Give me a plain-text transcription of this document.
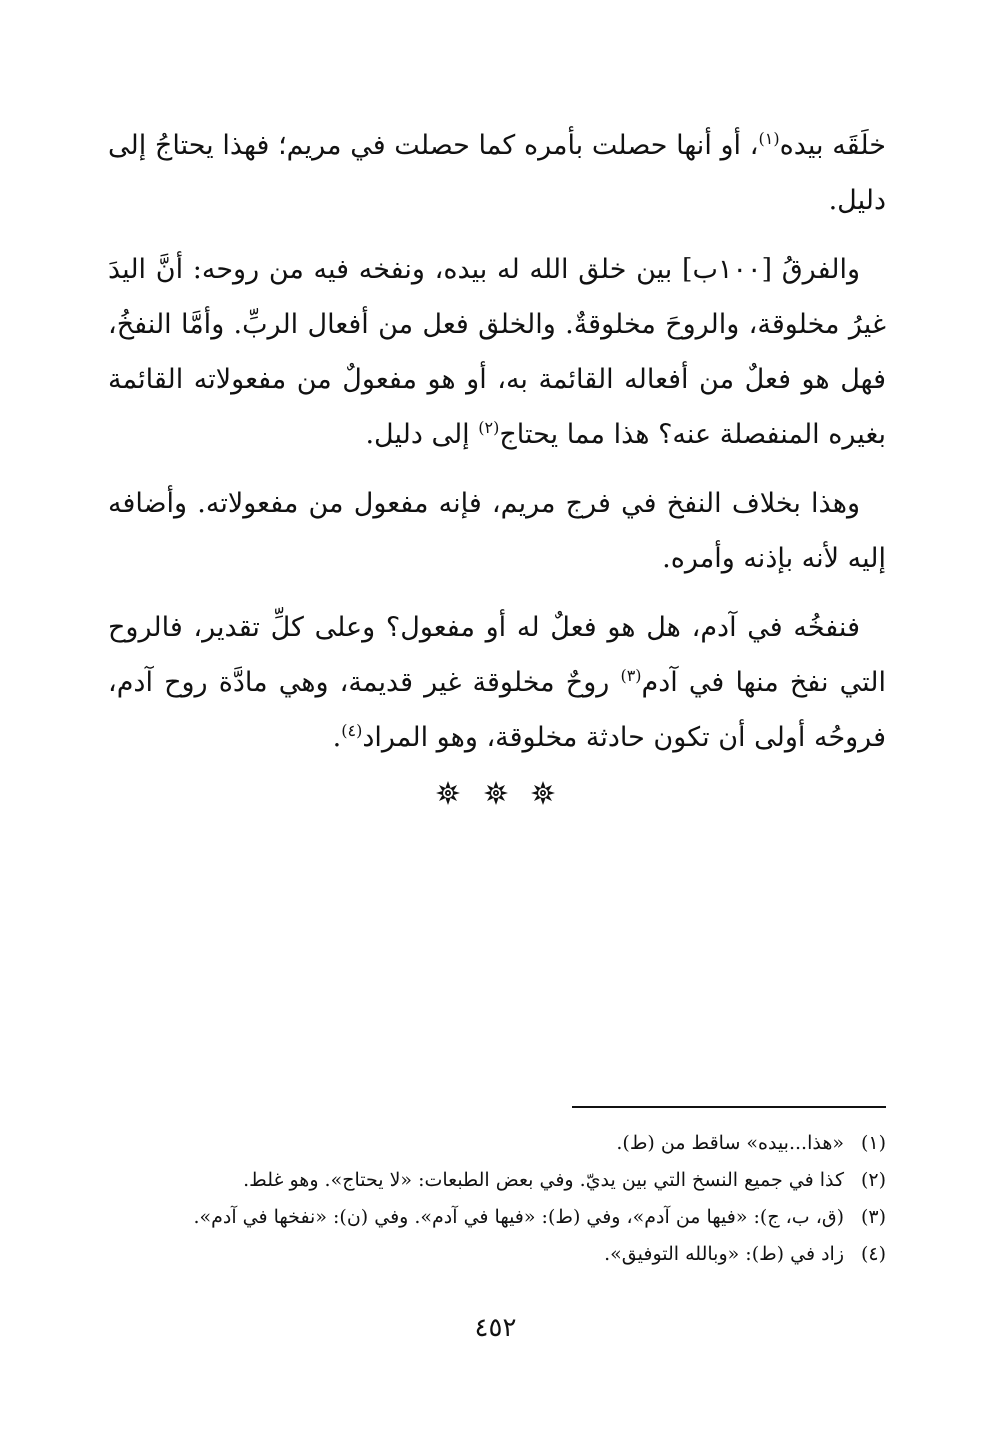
خلَقَه بيده$^{(١)}$، أو أنها حصلت بأمره كما حصلت في مريم؛ فهذا يحتاجُ إلى دليل.

والفرقُ [١٠٠ب] بين خلق الله له بيده، ونفخه فيه من روحه: أنَّ اليدَ غيرُ مخلوقة، والروحَ مخلوقةٌ. والخلق فعل من أفعال الربِّ. وأمَّا النفخُ، فهل هو فعلٌ من أفعاله القائمة به، أو هو مفعولٌ من مفعولاته القائمة بغيره المنفصلة عنه؟ هذا مما يحتاج$^{(٢)}$ إلى دليل.

وهذا بخلاف النفخ في فرج مريم، فإنه مفعول من مفعولاته. وأضافه إليه لأنه بإذنه وأمره.

فنفخُه في آدم، هل هو فعلٌ له أو مفعول؟ وعلى كلِّ تقدير، فالروح التي نفخ منها في آدم$^{(٣)}$ روحٌ مخلوقة غير قديمة، وهي مادَّة روح آدم، فروحُه أولى أن تكون حادثة مخلوقة، وهو المراد$^{(٤)}$.

(١)«هذا...بيده» ساقط من (ط).

(٢)كذا في جميع النسخ التي بين يديّ. وفي بعض الطبعات: «لا يحتاج». وهو غلط.

(٣)(ق، ب، ج): «فيها من آدم»، وفي (ط): «فيها في آدم». وفي (ن): «نفخها في آدم».

(٤)زاد في (ط): «وبالله التوفيق».

٤٥٢
